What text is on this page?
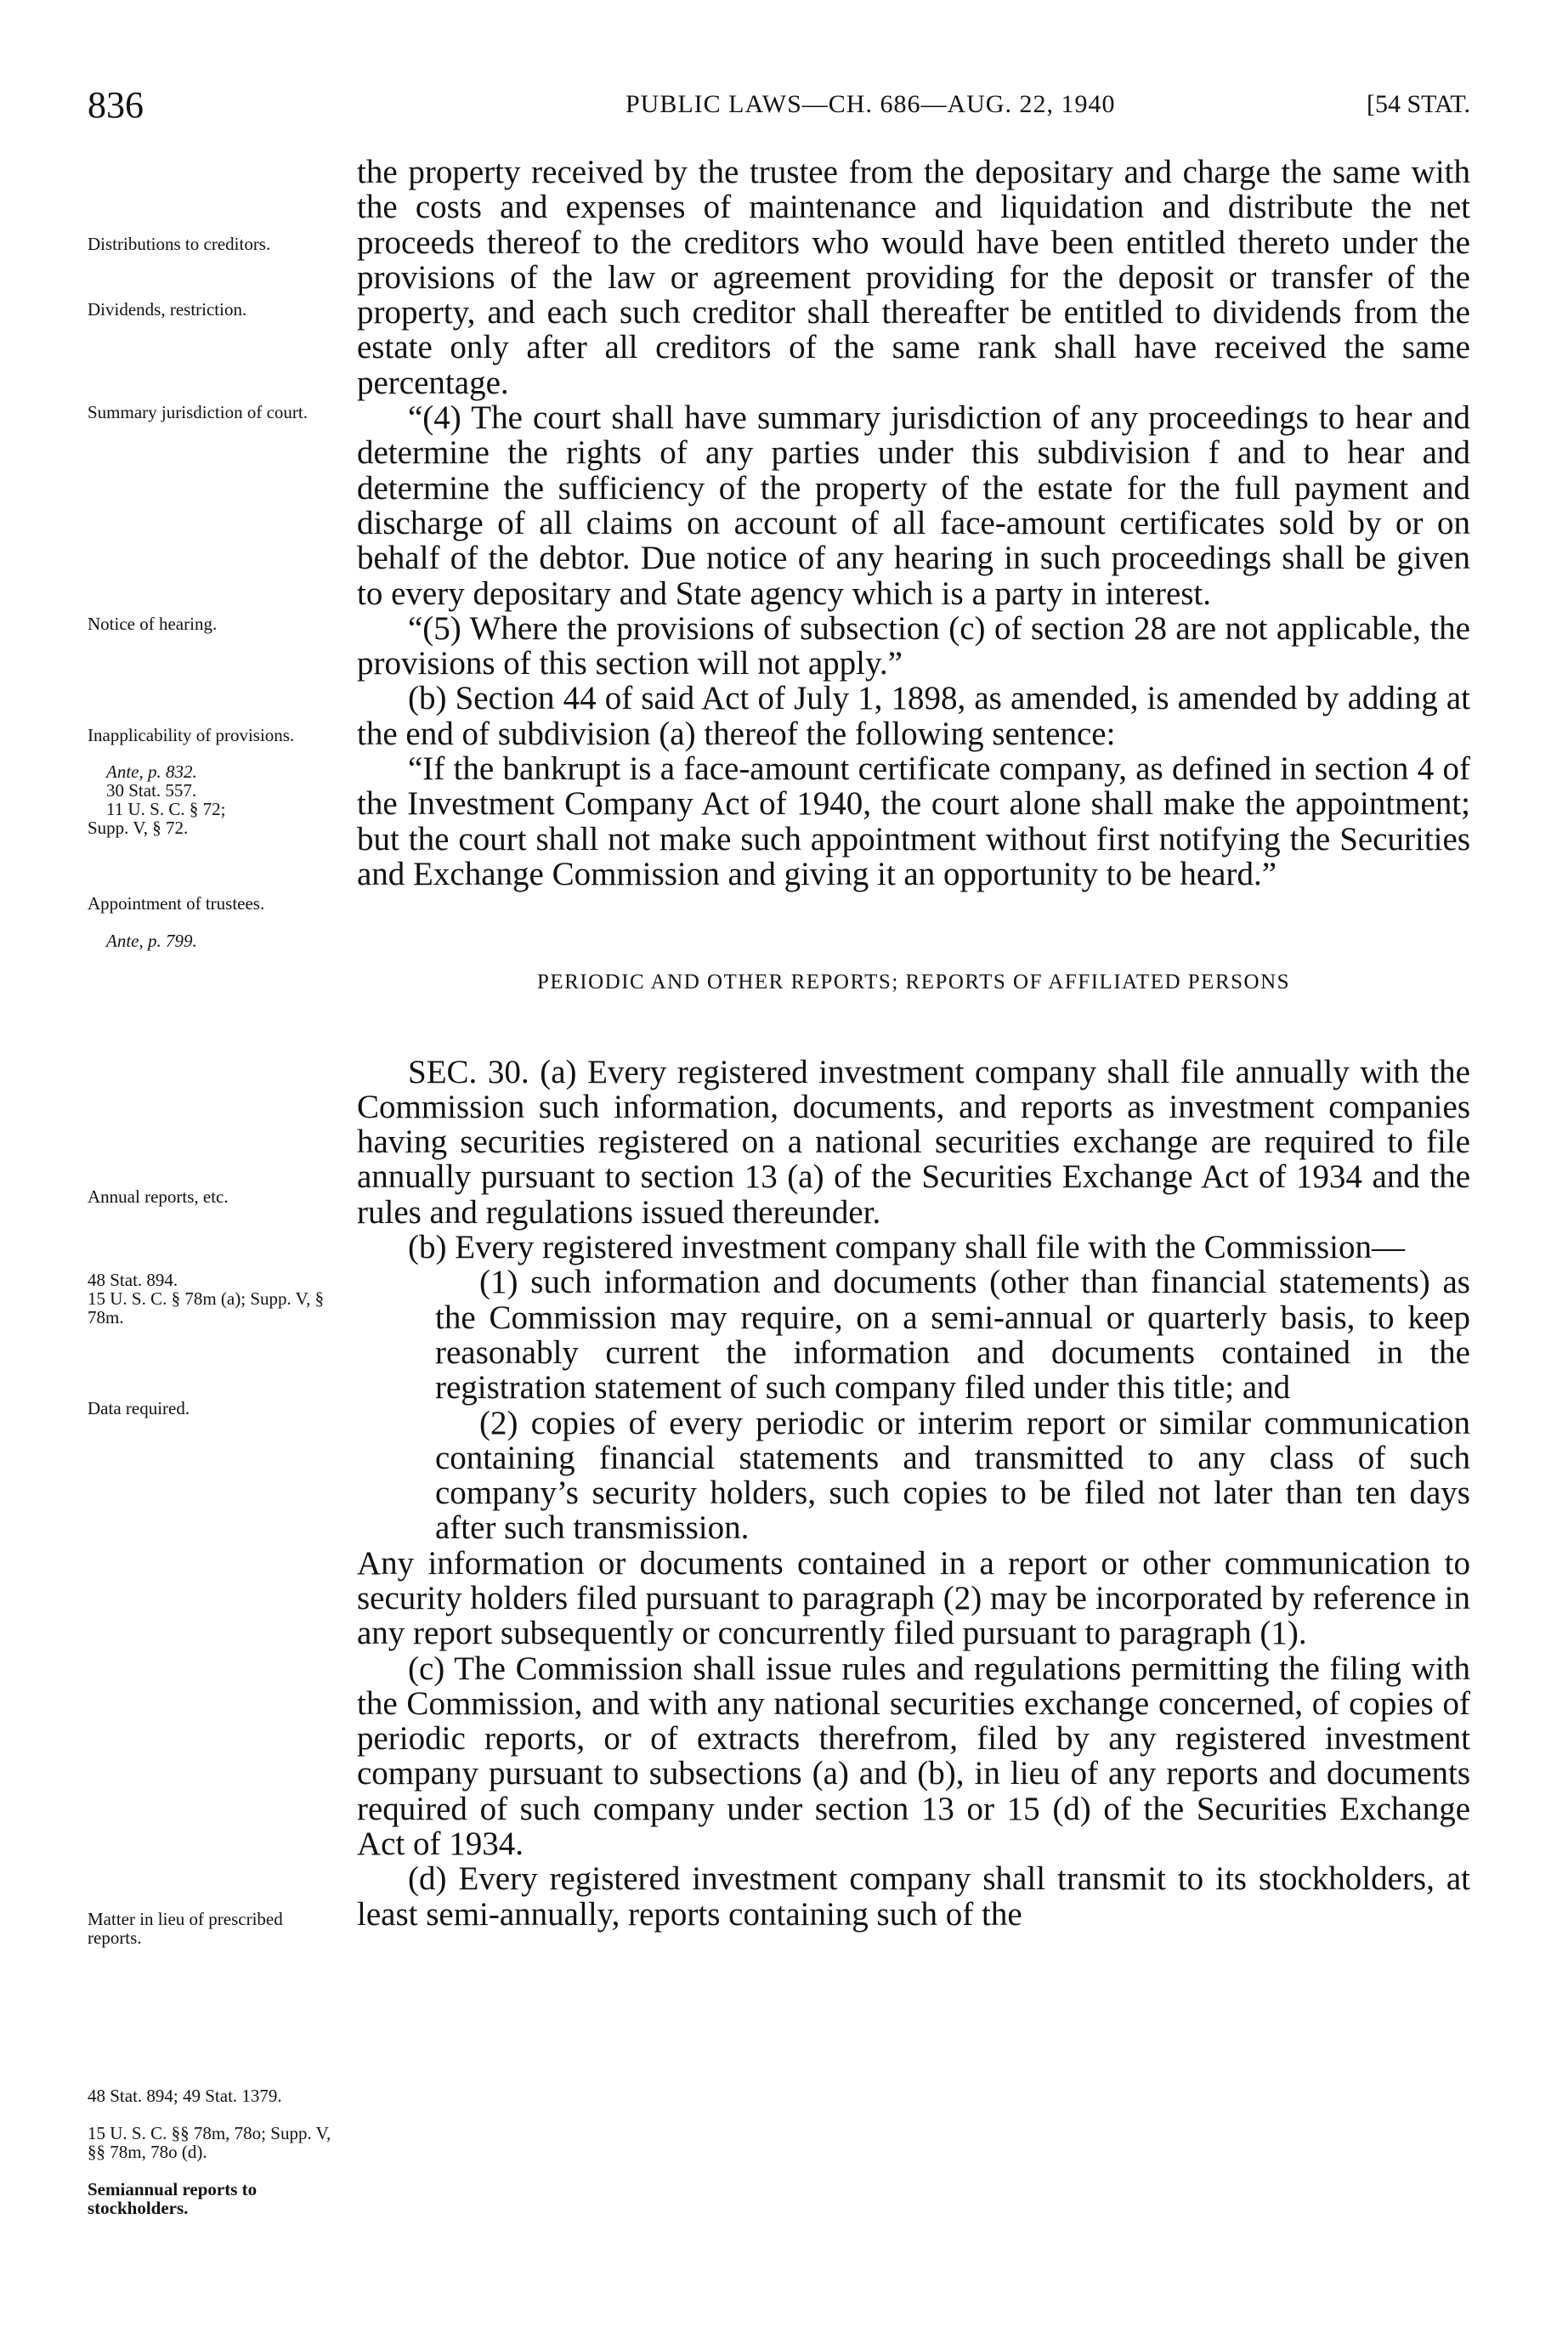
836	PUBLIC LAWS—CH. 686—AUG. 22, 1940	[54 STAT.
Distributions to creditors.
Dividends, restriction.
Summary jurisdiction of court.
Notice of hearing.
Inapplicability of provisions.
Ante, p. 832.
30 Stat. 557.
11 U. S. C. § 72;
Supp. V, § 72.
Appointment of trustees.
Ante, p. 799.
Annual reports, etc.
48 Stat. 894.
15 U. S. C. § 78m (a); Supp. V, § 78m.
Data required.
Matter in lieu of prescribed reports.
48 Stat. 894; 49 Stat. 1379.
15 U. S. C. §§ 78m, 78o; Supp. V, §§ 78m, 78o (d).
Semiannual reports to stockholders.

the property received by the trustee from the depositary and charge the same with the costs and expenses of maintenance and liquidation and distribute the net proceeds thereof to the creditors who would have been entitled thereto under the provisions of the law or agreement providing for the deposit or transfer of the property, and each such creditor shall thereafter be entitled to dividends from the estate only after all creditors of the same rank shall have received the same percentage.

“(4) The court shall have summary jurisdiction of any proceedings to hear and determine the rights of any parties under this subdivision f and to hear and determine the sufficiency of the property of the estate for the full payment and discharge of all claims on account of all face-amount certificates sold by or on behalf of the debtor. Due notice of any hearing in such proceedings shall be given to every depositary and State agency which is a party in interest.

“(5) Where the provisions of subsection (c) of section 28 are not applicable, the provisions of this section will not apply.”

(b) Section 44 of said Act of July 1, 1898, as amended, is amended by adding at the end of subdivision (a) thereof the following sentence:

“If the bankrupt is a face-amount certificate company, as defined in section 4 of the Investment Company Act of 1940, the court alone shall make the appointment; but the court shall not make such appointment without first notifying the Securities and Exchange Commission and giving it an opportunity to be heard.”

PERIODIC AND OTHER REPORTS; REPORTS OF AFFILIATED PERSONS

SEC. 30. (a) Every registered investment company shall file annually with the Commission such information, documents, and reports as investment companies having securities registered on a national securities exchange are required to file annually pursuant to section 13 (a) of the Securities Exchange Act of 1934 and the rules and regulations issued thereunder.

(b) Every registered investment company shall file with the Commission—

(1) such information and documents (other than financial statements) as the Commission may require, on a semi-annual or quarterly basis, to keep reasonably current the information and documents contained in the registration statement of such company filed under this title; and

(2) copies of every periodic or interim report or similar communication containing financial statements and transmitted to any class of such company’s security holders, such copies to be filed not later than ten days after such transmission.

Any information or documents contained in a report or other communication to security holders filed pursuant to paragraph (2) may be incorporated by reference in any report subsequently or concurrently filed pursuant to paragraph (1).

(c) The Commission shall issue rules and regulations permitting the filing with the Commission, and with any national securities exchange concerned, of copies of periodic reports, or of extracts therefrom, filed by any registered investment company pursuant to subsections (a) and (b), in lieu of any reports and documents required of such company under section 13 or 15 (d) of the Securities Exchange Act of 1934.

(d) Every registered investment company shall transmit to its stockholders, at least semi-annually, reports containing such of the
